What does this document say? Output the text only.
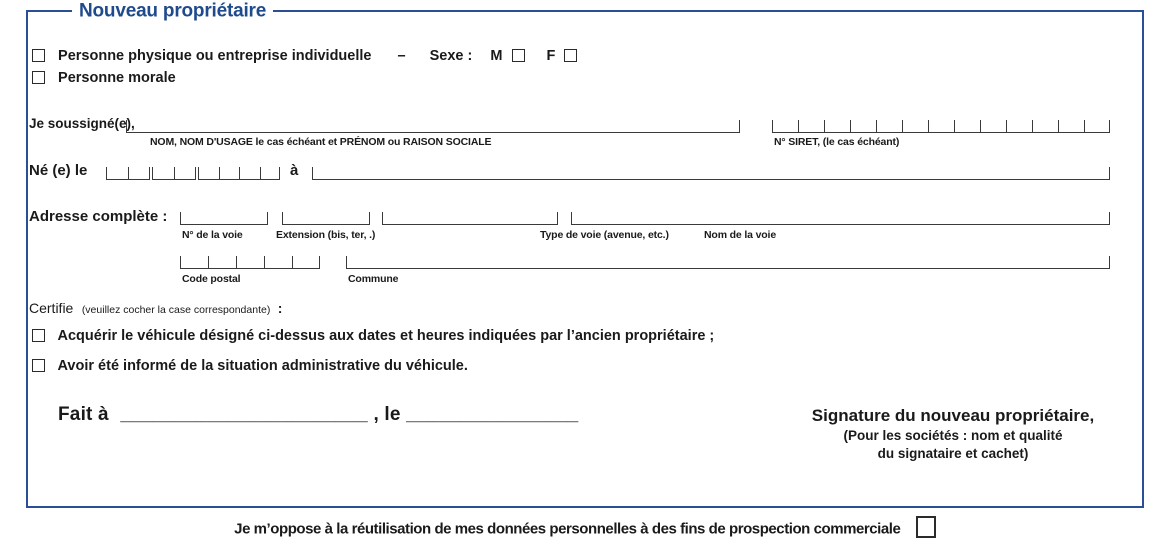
Nouveau propriétaire
Personne physique ou entreprise individuelle – Sexe : M	F
Personne morale
Je soussigné(e),
NOM, NOM D'USAGE le cas échéant et PRÉNOM ou RAISON SOCIALE	N° SIRET, (le cas échéant)
Né (e) le	à
Adresse complète :
N° de la voie	Extension (bis, ter, .)	Type de voie (avenue, etc.)	Nom de la voie
Code postal	Commune
Certifie (veuillez cocher la case correspondante) :
Acquérir le véhicule désigné ci-dessus aux dates et heures indiquées par l’ancien propriétaire ;
Avoir été informé de la situation administrative du véhicule.
Fait à _______________________ , le ________________	Signature du nouveau propriétaire,
(Pour les sociétés : nom et qualité
du signataire et cachet)
Je m’oppose à la réutilisation de mes données personnelles à des fins de prospection commerciale
